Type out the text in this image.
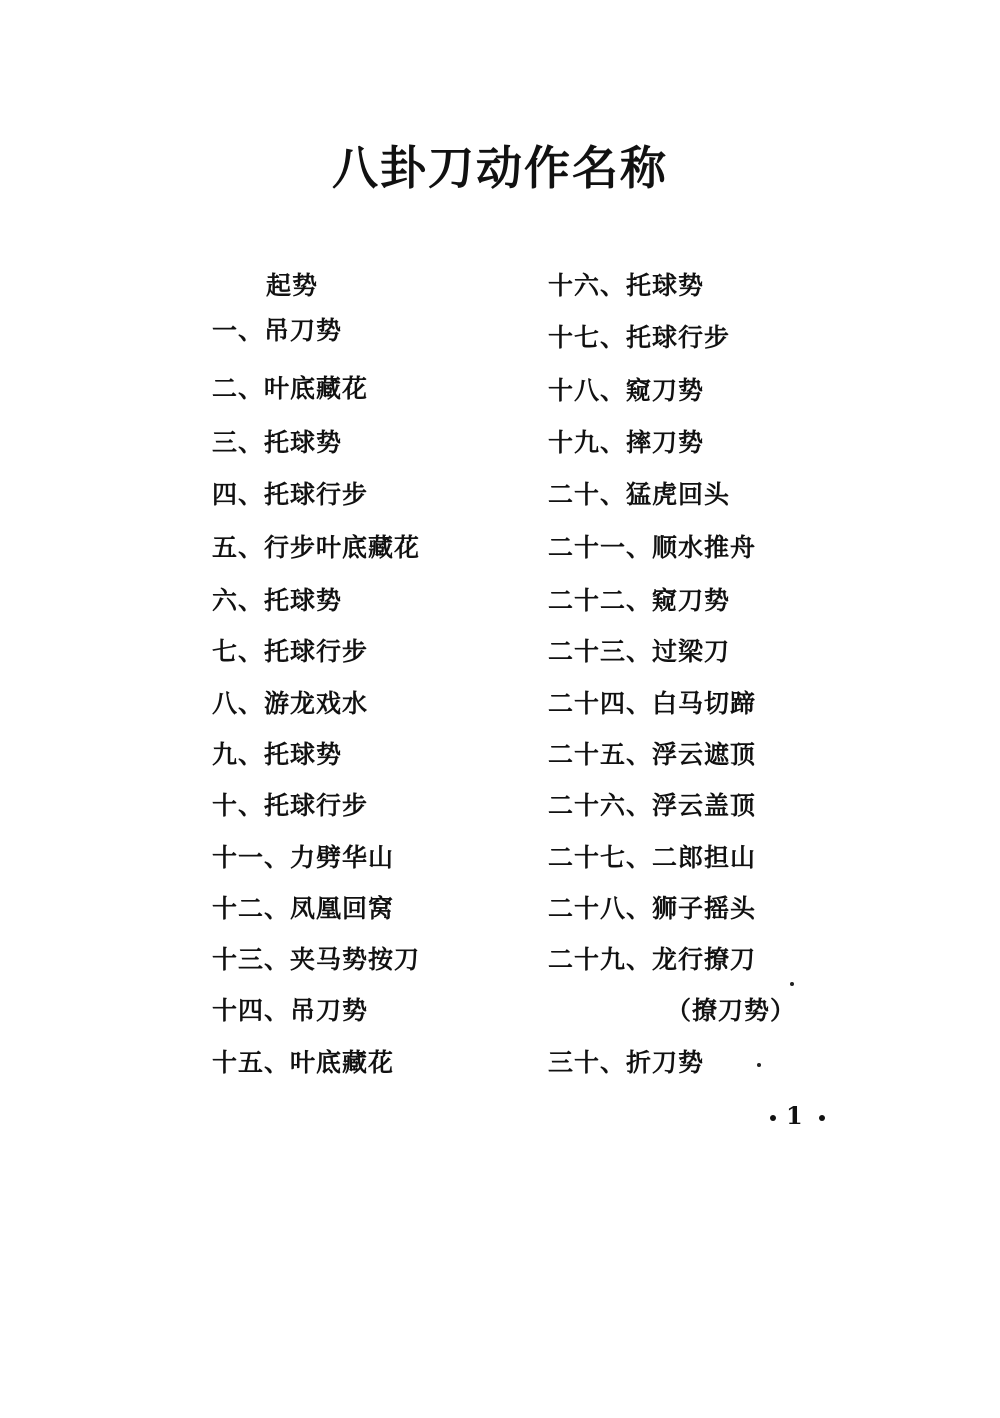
八卦刀动作名称
起势
一、吊刀势
二、叶底藏花
三、托球势
四、托球行步
五、行步叶底藏花
六、托球势
七、托球行步
八、游龙戏水
九、托球势
十、托球行步
十一、力劈华山
十二、凤凰回窝
十三、夹马势按刀
十四、吊刀势
十五、叶底藏花
十六、托球势
十七、托球行步
十八、窥刀势
十九、摔刀势
二十、猛虎回头
二十一、顺水推舟
二十二、窥刀势
二十三、过梁刀
二十四、白马切蹄
二十五、浮云遮顶
二十六、浮云盖顶
二十七、二郎担山
二十八、狮子摇头
二十九、龙行撩刀
（撩刀势）
三十、折刀势
1
